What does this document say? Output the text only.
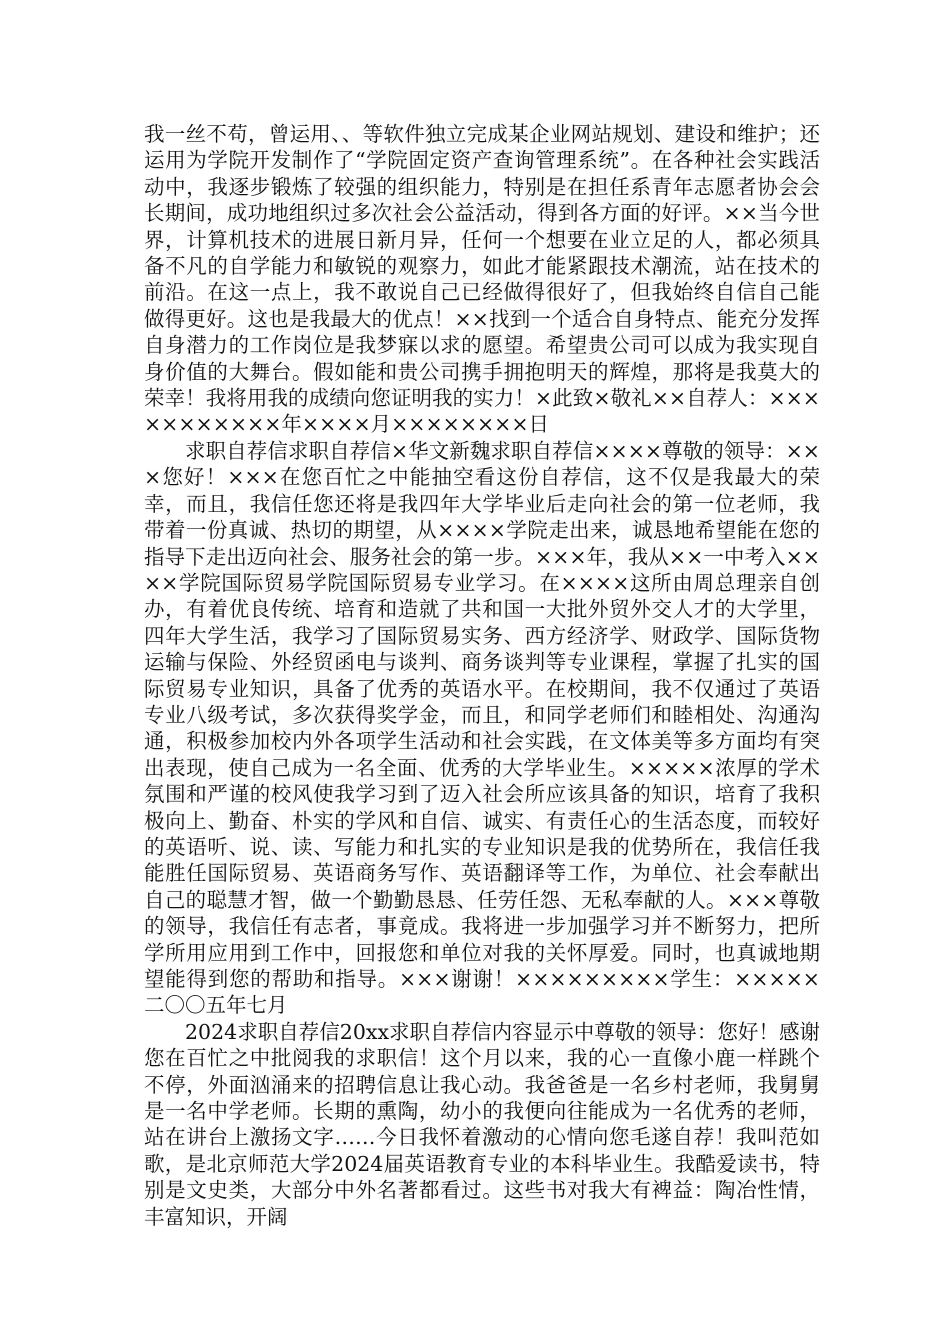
我一丝不苟，曾运用、、等软件独立完成某企业网站规划、建设和维护；还运用为学院开发制作了“学院固定资产查询管理系统”。在各种社会实践活动中，我逐步锻炼了较强的组织能力，特别是在担任系青年志愿者协会会长期间，成功地组织过多次社会公益活动，得到各方面的好评。××当今世界，计算机技术的进展日新月异，任何一个想要在业立足的人，都必须具备不凡的自学能力和敏锐的观察力，如此才能紧跟技术潮流，站在技术的前沿。在这一点上，我不敢说自己已经做得很好了，但我始终自信自己能做得更好。这也是我最大的优点！××找到一个适合自身特点、能充分发挥自身潜力的工作岗位是我梦寐以求的愿望。希望贵公司可以成为我实现自身价值的大舞台。假如能和贵公司携手拥抱明天的辉煌，那将是我莫大的荣幸！我将用我的成绩向您证明我的实力！×此致×敬礼××自荐人：×××××××××××年××××月××××××××日

求职自荐信求职自荐信×华文新魏求职自荐信××××尊敬的领导：×××您好！×××在您百忙之中能抽空看这份自荐信，这不仅是我最大的荣幸，而且，我信任您还将是我四年大学毕业后走向社会的第一位老师，我带着一份真诚、热切的期望，从××××学院走出来，诚恳地希望能在您的指导下走出迈向社会、服务社会的第一步。×××年，我从××一中考入××××学院国际贸易学院国际贸易专业学习。在××××这所由周总理亲自创办，有着优良传统、培育和造就了共和国一大批外贸外交人才的大学里，四年大学生活，我学习了国际贸易实务、西方经济学、财政学、国际货物运输与保险、外经贸函电与谈判、商务谈判等专业课程，掌握了扎实的国际贸易专业知识，具备了优秀的英语水平。在校期间，我不仅通过了英语专业八级考试，多次获得奖学金，而且，和同学老师们和睦相处、沟通沟通，积极参加校内外各项学生活动和社会实践，在文体美等多方面均有突出表现，使自己成为一名全面、优秀的大学毕业生。×××××浓厚的学术氛围和严谨的校风使我学习到了迈入社会所应该具备的知识，培育了我积极向上、勤奋、朴实的学风和自信、诚实、有责任心的生活态度，而较好的英语听、说、读、写能力和扎实的专业知识是我的优势所在，我信任我能胜任国际贸易、英语商务写作、英语翻译等工作，为单位、社会奉献出自己的聪慧才智，做一个勤勤恳恳、任劳任怨、无私奉献的人。×××尊敬的领导，我信任有志者，事竟成。我将进一步加强学习并不断努力，把所学所用应用到工作中，回报您和单位对我的关怀厚爱。同时，也真诚地期望能得到您的帮助和指导。×××谢谢！×××××××××学生：×××××二〇〇五年七月

2024求职自荐信20xx求职自荐信内容显示中尊敬的领导：您好！感谢您在百忙之中批阅我的求职信！这个月以来，我的心一直像小鹿一样跳个不停，外面汹涌来的招聘信息让我心动。我爸爸是一名乡村老师，我舅舅是一名中学老师。长期的熏陶，幼小的我便向往能成为一名优秀的老师，站在讲台上激扬文字……今日我怀着激动的心情向您毛遂自荐！我叫范如歌，是北京师范大学2024届英语教育专业的本科毕业生。我酷爱读书，特别是文史类，大部分中外名著都看过。这些书对我大有裨益：陶冶性情，丰富知识，开阔
